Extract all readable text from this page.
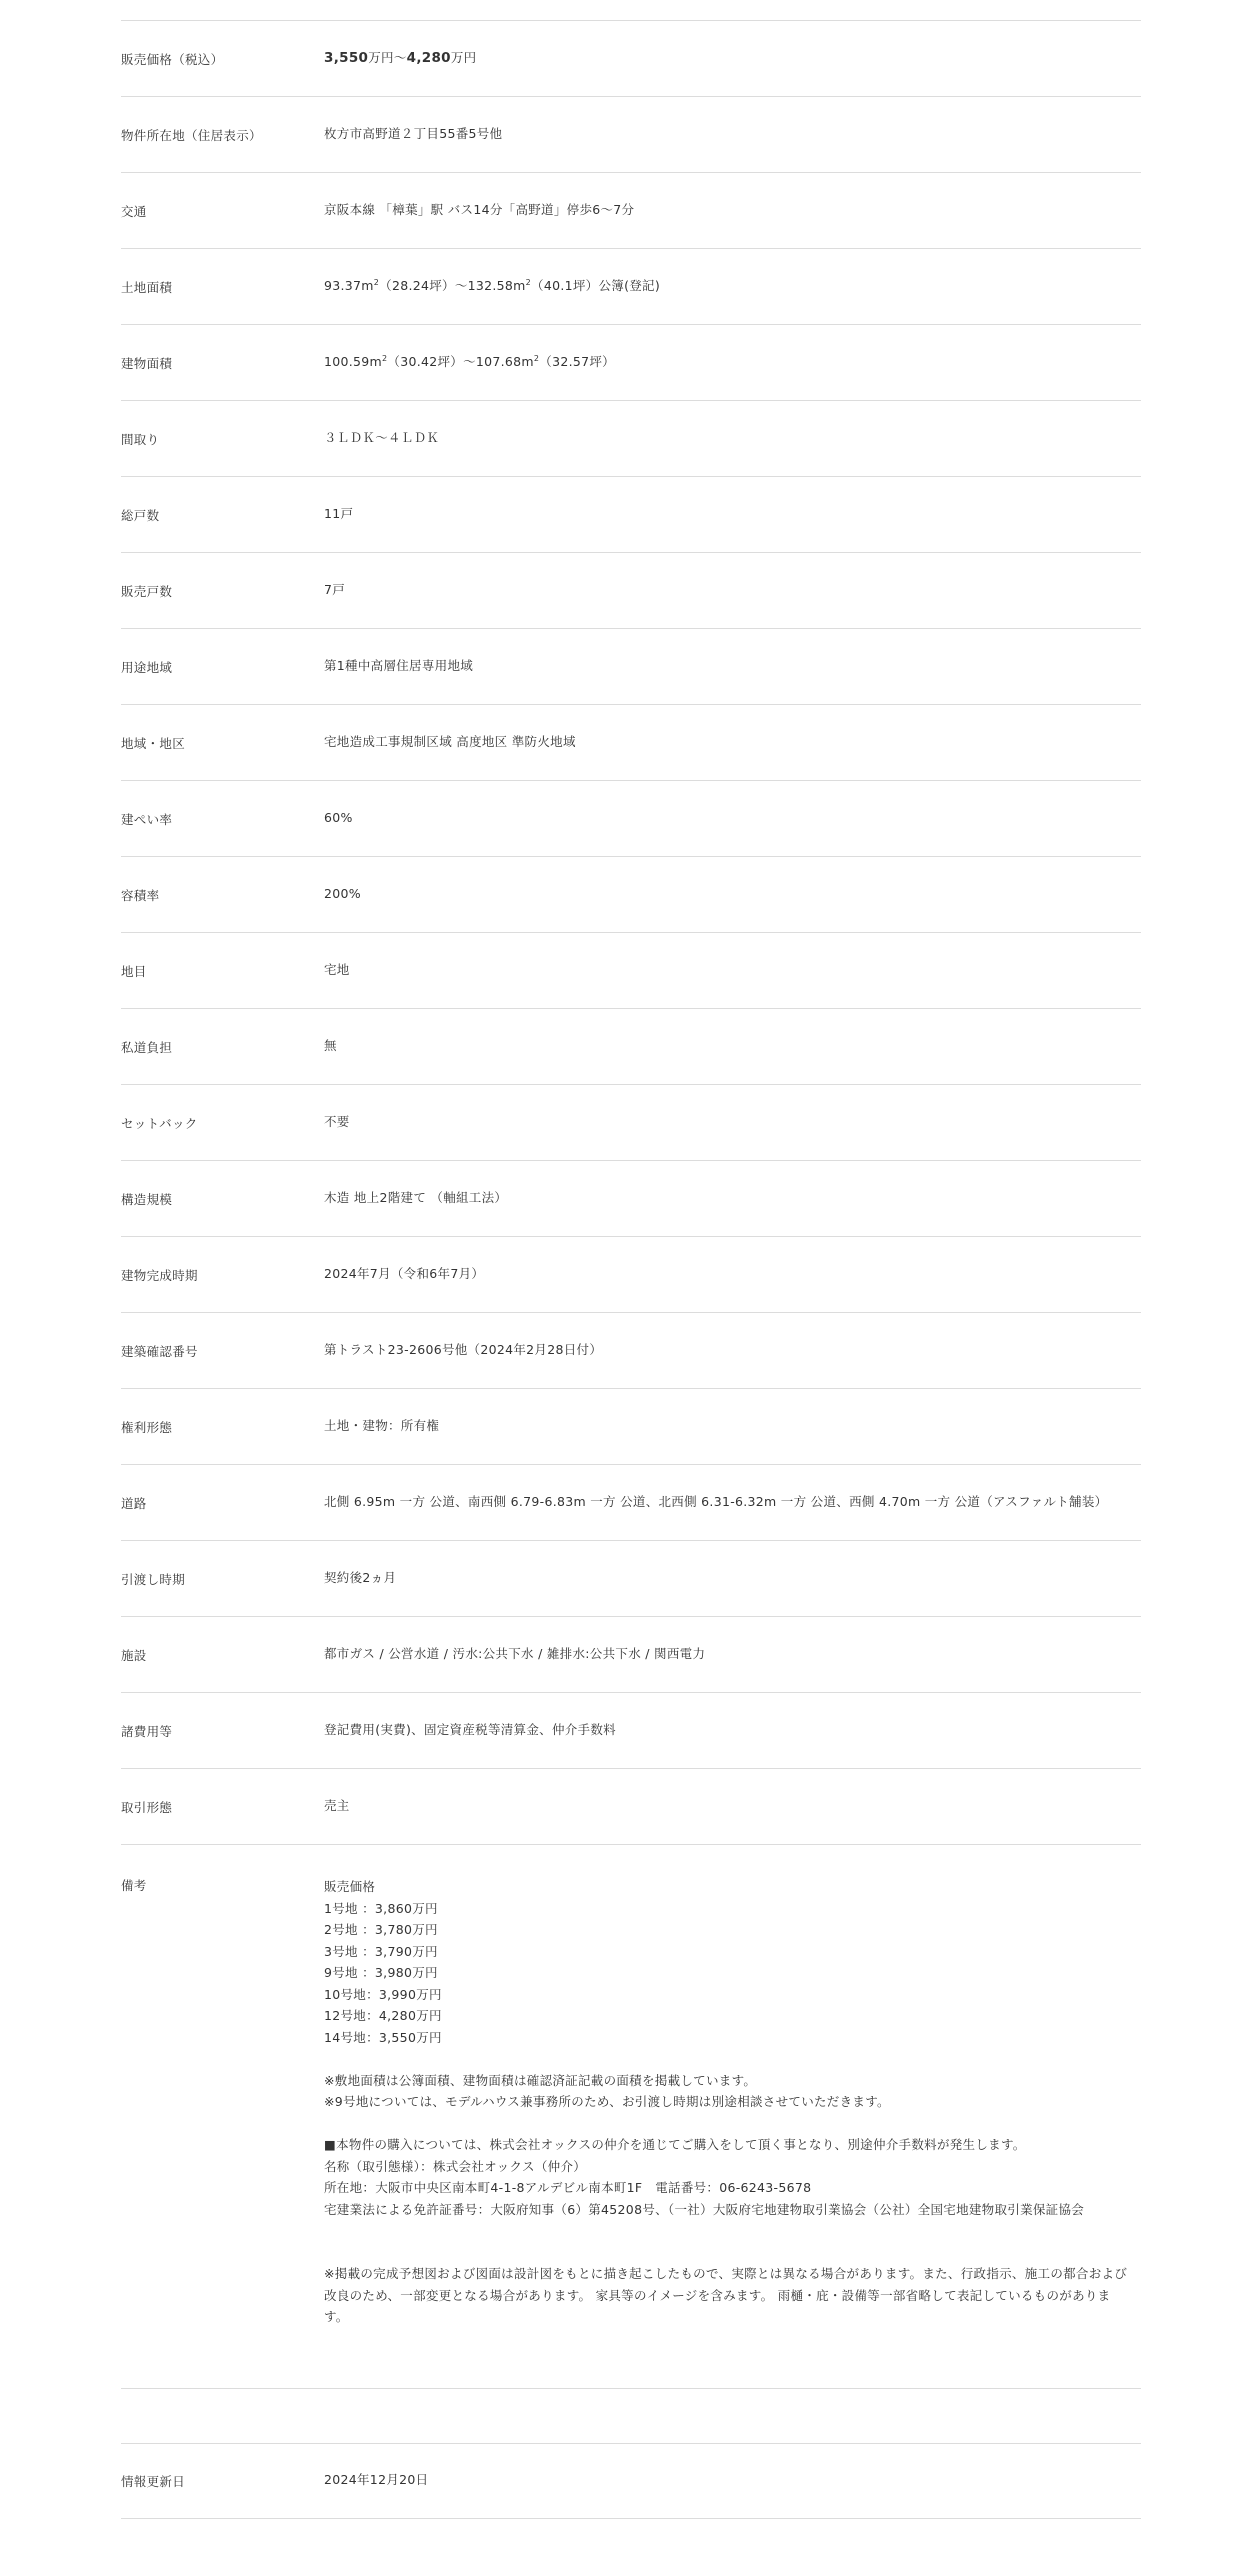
販売価格（税込）	3,550万円～4,280万円
物件所在地（住居表示）	枚方市高野道２丁目55番5号他
交通	京阪本線 「樟葉」駅 バス14分「高野道」停歩6～7分
土地面積	$93.37m^2(28.24$坪）$\sim 132.58m^2(40.1$坪）公簿(登記)
建物面積	$100.59m^2(30.42$坪）$\sim 107.68m^2(32.57$坪）
間取り	３ＬＤＫ～４ＬＤＫ
総戸数	11戸
販売戸数	7戸
用途地域	第1種中高層住居専用地域
地域・地区	宅地造成工事規制区域 高度地区 準防火地域
建ぺい率	60%
容積率	200%
地目	宅地
私道負担	無
セットバック	不要
構造規模	木造 地上2階建て （軸組工法）
建物完成時期	2024年7月（令和6年7月）
建築確認番号	第トラスト23-2606号他（2024年2月28日付）
権利形態	土地・建物：所有権
道路	北側 6.95m 一方 公道、南西側 6.79-6.83m 一方 公道、北西側 6.31-6.32m 一方 公道、西側 4.70m 一方 公道（アスファルト舗装）
引渡し時期	契約後2ヵ月
施設	都市ガス / 公営水道 / 汚水:公共下水 / 雑排水:公共下水 / 関西電力
諸費用等	登記費用(実費)、固定資産税等清算金、仲介手数料
取引形態	売主
備考	販売価格
1号地 ：3,860万円
2号地 ：3,780万円
3号地 ：3,790万円
9号地 ：3,980万円
10号地：3,990万円
12号地：4,280万円
14号地：3,550万円
※敷地面積は公簿面積、建物面積は確認済証記載の面積を掲載しています。
※9号地については、モデルハウス兼事務所のため、お引渡し時期は別途相談させていただきます。
■本物件の購入については、株式会社オックスの仲介を通じてご購入をして頂く事となり、別途仲介手数料が発生します。
名称（取引態様）：株式会社オックス（仲介）
所在地：大阪市中央区南本町4-1-8アルデビル南本町1F　電話番号：06-6243-5678
宅建業法による免許証番号：大阪府知事（6）第45208号、（一社）大阪府宅地建物取引業協会（公社）全国宅地建物取引業保証協会
※掲載の完成予想図および図面は設計図をもとに描き起こしたもので、実際とは異なる場合があります。また、行政指示、施工の都合および
改良のため、一部変更となる場合があります。 家具等のイメージを含みます。 雨樋・庇・設備等一部省略して表記しているものがありま
す。
情報更新日	2024年12月20日
